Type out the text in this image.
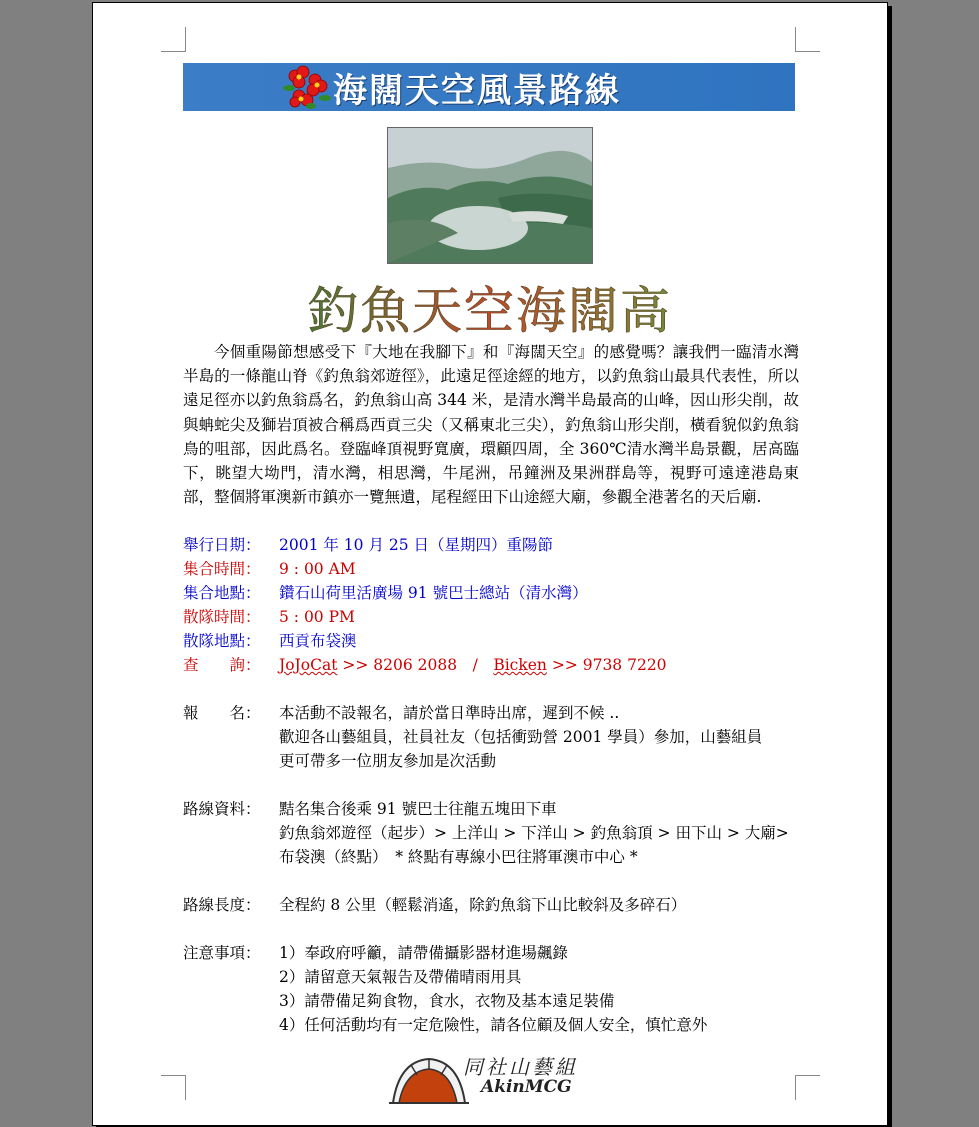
海闊天空風景路線
釣魚天空海闊高
今個重陽節想感受下『大地在我腳下』和『海闊天空』的感覺嗎？讓我們一臨清水灣半島的一條龍山脊《釣魚翁郊遊徑》，此遠足徑途經的地方，以釣魚翁山最具代表性，所以遠足徑亦以釣魚翁爲名，釣魚翁山高 344 米，是清水灣半島最高的山峰，因山形尖削，故與蚺蛇尖及獅岩頂被合稱爲西貢三尖（又稱東北三尖），釣魚翁山形尖削，橫看貌似釣魚翁鳥的咀部，因此爲名。登臨峰頂視野寬廣，環顧四周，全 360℃清水灣半島景觀，居高臨下，眺望大坳門，清水灣，相思灣，牛尾洲，吊鐘洲及果洲群島等，視野可遠達港島東部，整個將軍澳新市鎮亦一覽無遺，尾程經田下山途經大廟，參觀全港著名的天后廟.
舉行日期：	2001 年 10 月 25 日（星期四）重陽節
集合時間：	9 : 00 AM
集合地點：	鑽石山荷里活廣場 91 號巴士總站（清水灣）
散隊時間：	5 : 00 PM
散隊地點：	西貢布袋澳
查　　詢：	JoJoCat >> 8206 2088　/　Bicken >> 9738 7220
報　　名：	本活動不設報名，請於當日準時出席，遲到不候 ..
歡迎各山藝組員，社員社友（包括衝勁營 2001 學員）參加，山藝組員
更可帶多一位朋友參加是次活動
路線資料：	黠名集合後乘 91 號巴士往龍五塊田下車
釣魚翁郊遊徑（起步）> 上洋山 > 下洋山 > 釣魚翁頂 > 田下山 > 大廟>
布袋澳（終點）　* 終點有專線小巴往將軍澳市中心 *
路線長度：	全程約 8 公里（輕鬆消遙，除釣魚翁下山比較斜及多碎石）
注意事項：	1）奉政府呼籲，請帶備攝影器材進場飆錄
2）請留意天氣報告及帶備晴雨用具
3）請帶備足夠食物，食水，衣物及基本遠足裝備
4）任何活動均有一定危險性，請各位顧及個人安全，慎忙意外
同社山藝組
AkinMCG
